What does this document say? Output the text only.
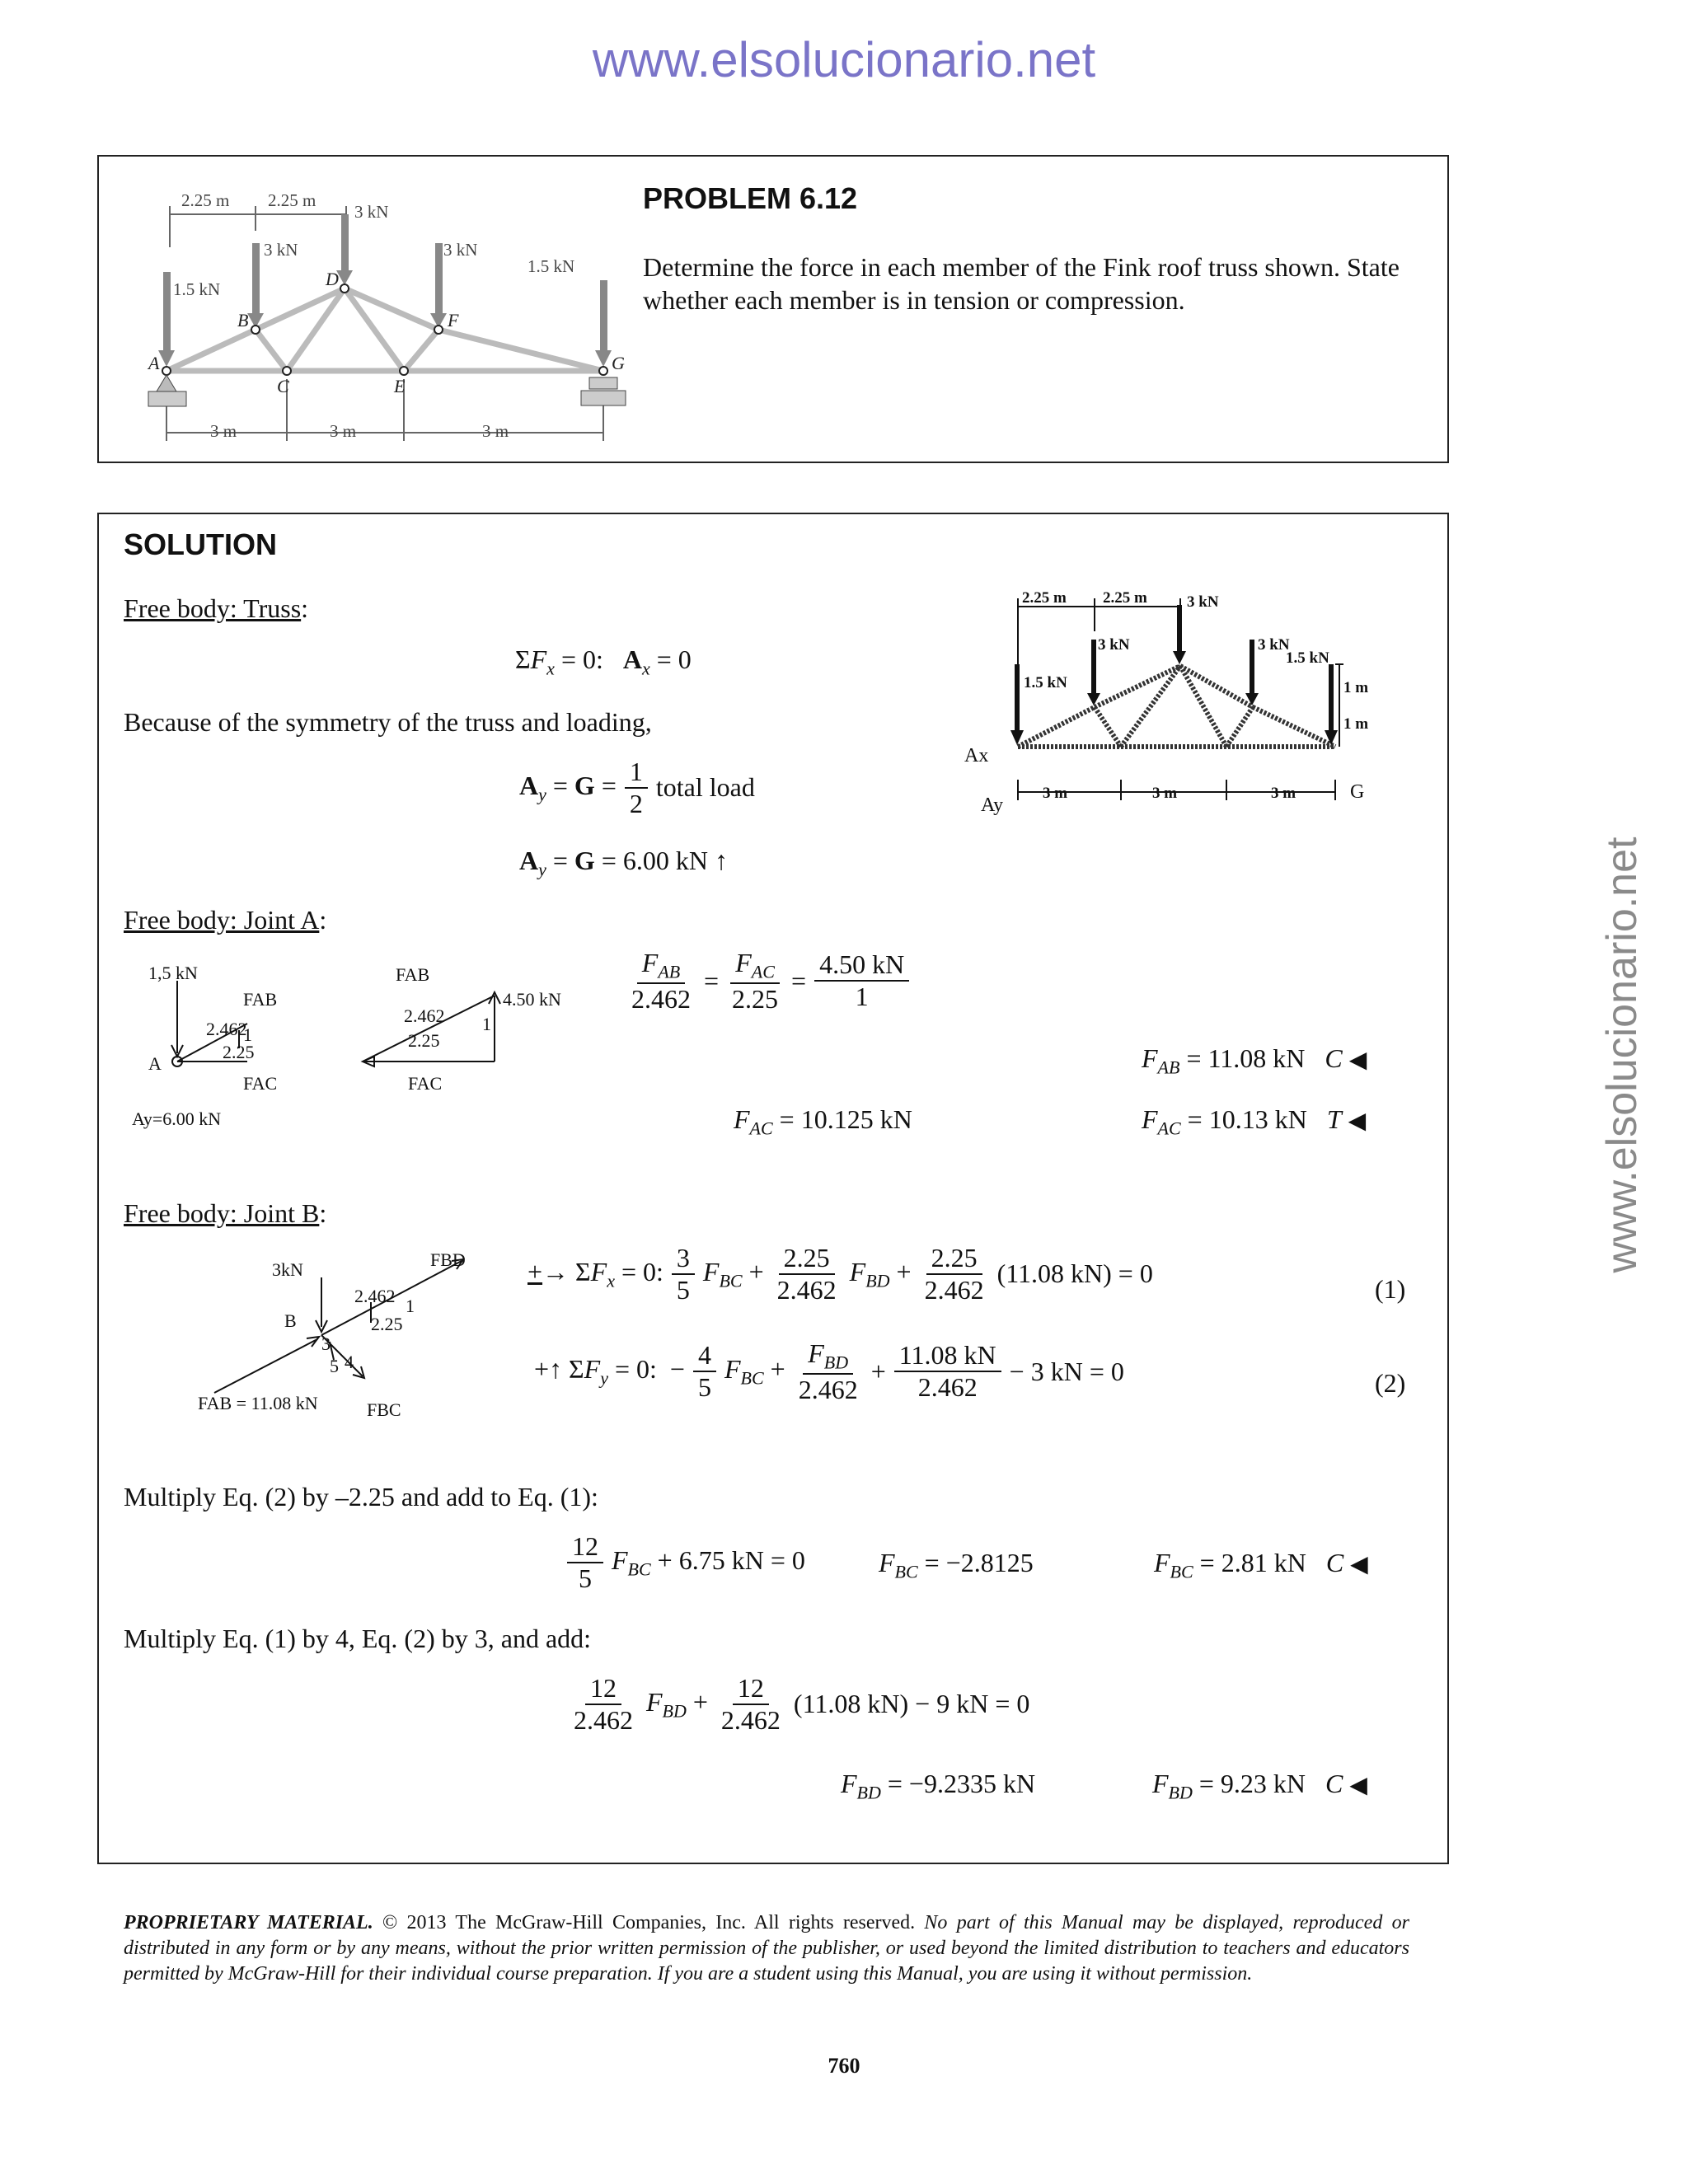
www.elsolucionario.net
www.elsolucionario.net
2.25 m 2.25 m
3 kN
3 kN	3 kN
1.5 kN
1.5 kN
3 m	3 m	3 m
A
B
C
D
E
F
G
PROBLEM 6.12
Determine the force in each member of the Fink roof truss shown. State whether each member is in tension or compression.
SOLUTION
Free body: Truss:
$\Sigma F_x = 0$:   $A_x = 0$
Because of the symmetry of the truss and loading,
$A_y = G = \frac{1}{2}$ total load
$A_y = G = 6.00$ kN ↑
2.25 m 2.25 m	3 kN
3 kN	3 kN
1.5 kN
1.5 kN
1 m
1 m
3 m	3 m	3 m
Ax
Ay
G
Free body: Joint A:
1,5 kN
2.462
2.25
1
A
FAB
FAC
Ay=6.00 kN
FAB
2.462
2.25
1
4.50 kN
FAC
$\frac{F_{AB}}{2.462} = \frac{F_{AC}}{2.25} = \frac{4.50 kN}{1}$
$F_{AB} = 11.08$ kN   C ◀
$F_{AC} = 10.125$ kN	$F_{AC} = 10.13$ kN   T ◀
Free body: Joint B:
3kN
B
2.462
2.25
1
FBD
3
5 4
FAB = 11.08 kN	FBC
+→ $\Sigma F_x = 0$: $\frac{3}{5} F_{BC} + \frac{2.25}{2.462} F_{BD} + \frac{2.25}{2.462} (11.08$ kN) = 0
(1)
+↑ $\Sigma F_y = 0$:  − $\frac{4}{5} F_{BC} + \frac{F_{BD}}{2.462} + \frac{11.08 kN}{2.462} - 3$ kN = 0	(2)
Multiply Eq. (2) by –2.25 and add to Eq. (1):
$\frac{12}{5} F_{BC} + 6.75$ kN = 0	$F_{BC} = -2.8125$	$F_{BC} = 2.81$ kN   C ◀
Multiply Eq. (1) by 4, Eq. (2) by 3, and add:
$\frac{12}{2.462} F_{BD} + \frac{12}{2.462} (11.08$ kN) − 9 kN = 0
$F_{BD} = -9.2335$ kN	$F_{BD} = 9.23$ kN   C ◀
PROPRIETARY MATERIAL. © 2013 The McGraw-Hill Companies, Inc. All rights reserved. No part of this Manual may be displayed, reproduced or distributed in any form or by any means, without the prior written permission of the publisher, or used beyond the limited distribution to teachers and educators permitted by McGraw-Hill for their individual course preparation. If you are a student using this Manual, you are using it without permission.
760
